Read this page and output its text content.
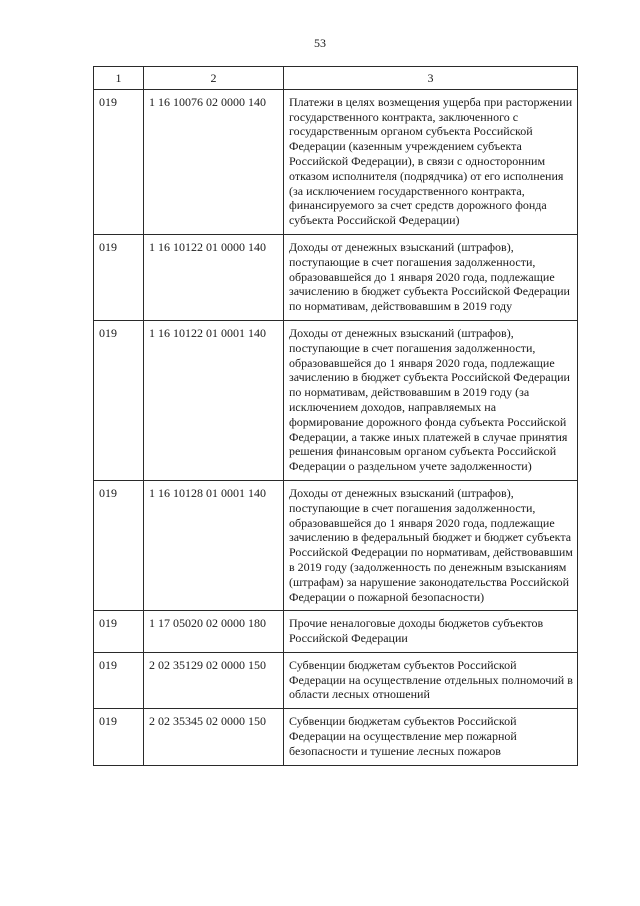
53
1	2	3
019	1 16 10076 02 0000 140	Платежи в целях возмещения ущерба при расторжении государственного контракта, заключенного с государственным органом субъекта Российской Федерации (казенным учреждением субъекта Российской Федерации), в связи с односторонним отказом исполнителя (подрядчика) от его исполнения (за исключением государственного контракта, финансируемого за счет средств дорожного фонда субъекта Российской Федерации)
019	1 16 10122 01 0000 140	Доходы от денежных взысканий (штрафов), поступающие в счет погашения задолженности, образовавшейся до 1 января 2020 года, подлежащие зачислению в бюджет субъекта Российской Федерации по нормативам, действовавшим в 2019 году
019	1 16 10122 01 0001 140	Доходы от денежных взысканий (штрафов), поступающие в счет погашения задолженности, образовавшейся до 1 января 2020 года, подлежащие зачислению в бюджет субъекта Российской Федерации по нормативам, действовавшим в 2019 году (за исключением доходов, направляемых на формирование дорожного фонда субъекта Российской Федерации, а также иных платежей в случае принятия решения финансовым органом субъекта Российской Федерации о раздельном учете задолженности)
019	1 16 10128 01 0001 140	Доходы от денежных взысканий (штрафов), поступающие в счет погашения задолженности, образовавшейся до 1 января 2020 года, подлежащие зачислению в федеральный бюджет и бюджет субъекта Российской Федерации по нормативам, действовавшим в 2019 году (задолженность по денежным взысканиям (штрафам) за нарушение законодательства Российской Федерации о пожарной безопасности)
019	1 17 05020 02 0000 180	Прочие неналоговые доходы бюджетов субъектов Российской Федерации
019	2 02 35129 02 0000 150	Субвенции бюджетам субъектов Российской Федерации на осуществление отдельных полномочий в области лесных отношений
019	2 02 35345 02 0000 150	Субвенции бюджетам субъектов Российской Федерации на осуществление мер пожарной безопасности и тушение лесных пожаров
